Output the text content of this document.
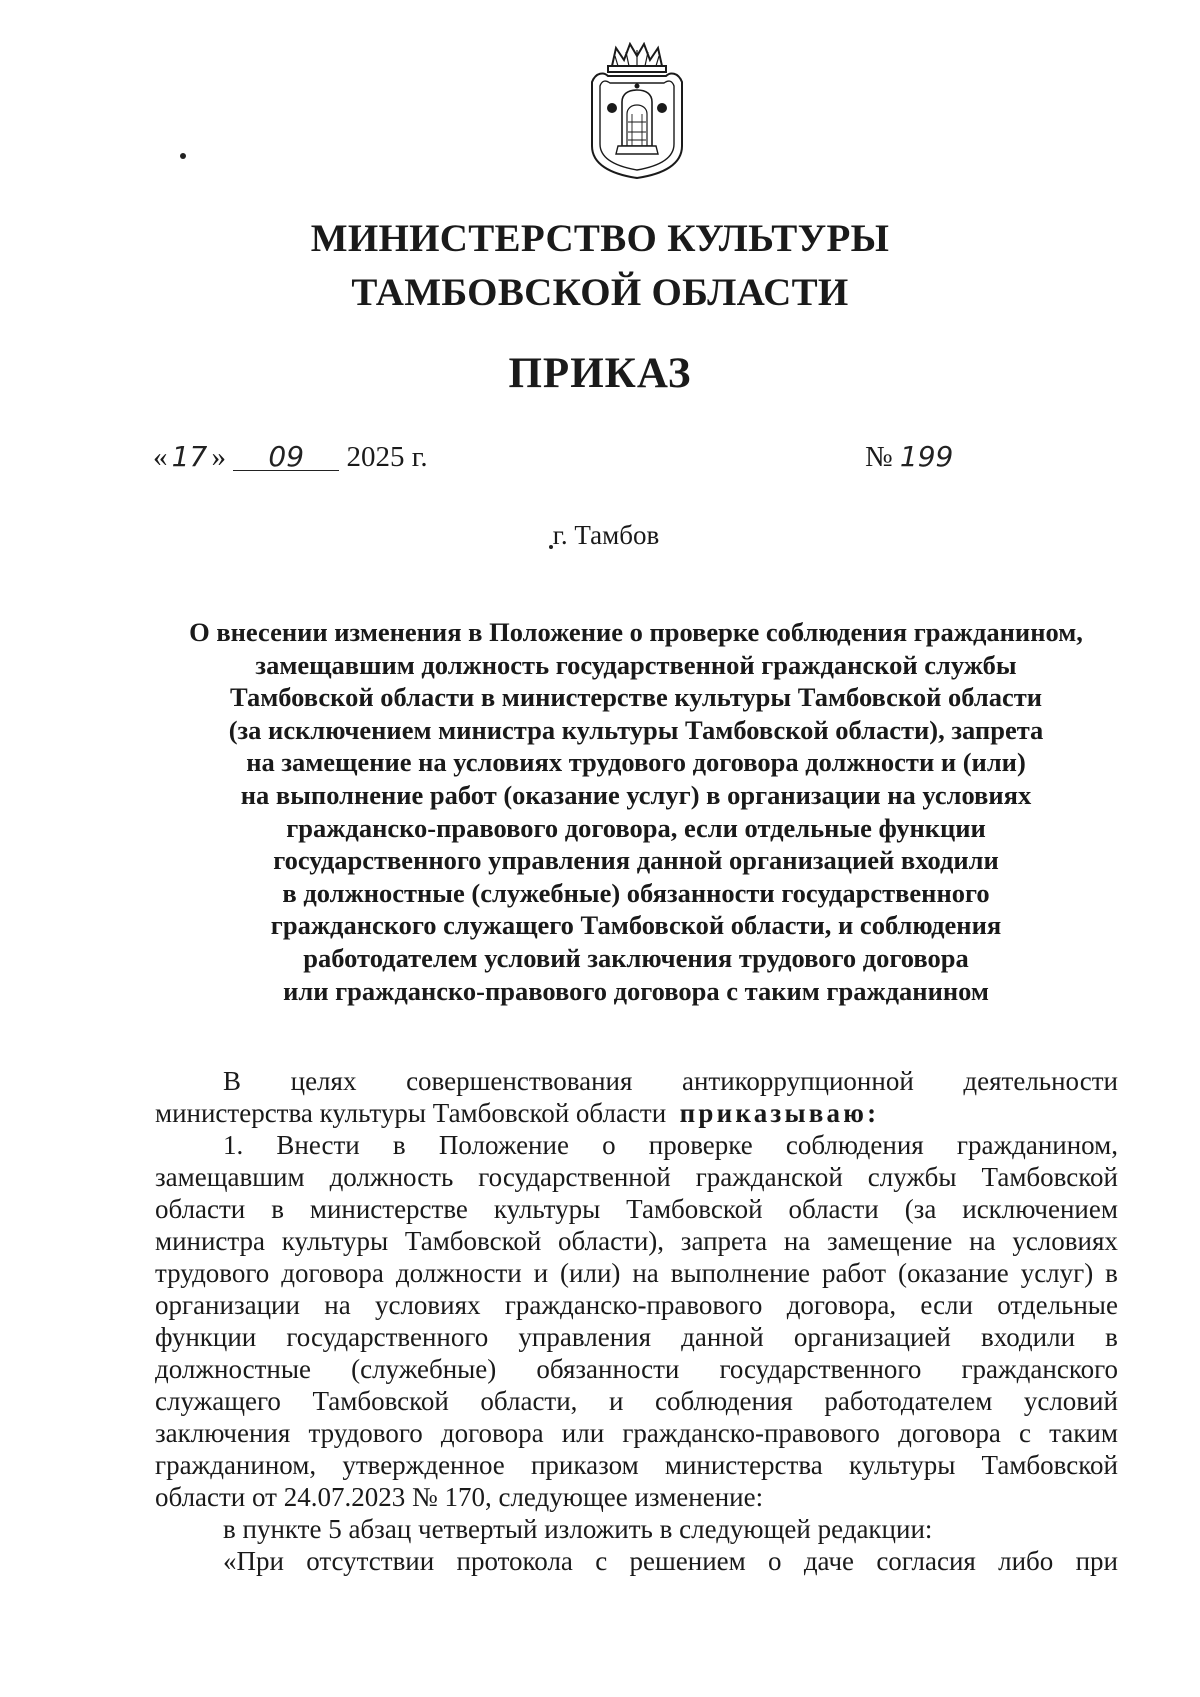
МИНИСТЕРСТВО КУЛЬТУРЫ
ТАМБОВСКОЙ ОБЛАСТИ
ПРИКАЗ
« 17 » 09 2025 г.	№ 199
г. Тамбов
О внесении изменения в Положение о проверке соблюдения гражданином,
замещавшим должность государственной гражданской службы
Тамбовской области в министерстве культуры Тамбовской области
(за исключением министра культуры Тамбовской области), запрета
на замещение на условиях трудового договора должности и (или)
на выполнение работ (оказание услуг) в организации на условиях
гражданско-правового договора, если отдельные функции
государственного управления данной организацией входили
в должностные (служебные) обязанности государственного
гражданского служащего Тамбовской области, и соблюдения
работодателем условий заключения трудового договора
или гражданско-правового договора с таким гражданином
В целях совершенствования антикоррупционной деятельности
министерства культуры Тамбовской области приказываю:
1. Внести в Положение о проверке соблюдения гражданином,
замещавшим должность государственной гражданской службы Тамбовской
области в министерстве культуры Тамбовской области (за исключением
министра культуры Тамбовской области), запрета на замещение на условиях
трудового договора должности и (или) на выполнение работ (оказание услуг) в
организации на условиях гражданско-правового договора, если отдельные
функции государственного управления данной организацией входили в
должностные (служебные) обязанности государственного гражданского
служащего Тамбовской области, и соблюдения работодателем условий
заключения трудового договора или гражданско-правового договора с таким
гражданином, утвержденное приказом министерства культуры Тамбовской
области от 24.07.2023 № 170, следующее изменение:
в пункте 5 абзац четвертый изложить в следующей редакции:
«При отсутствии протокола с решением о даче согласия либо при
